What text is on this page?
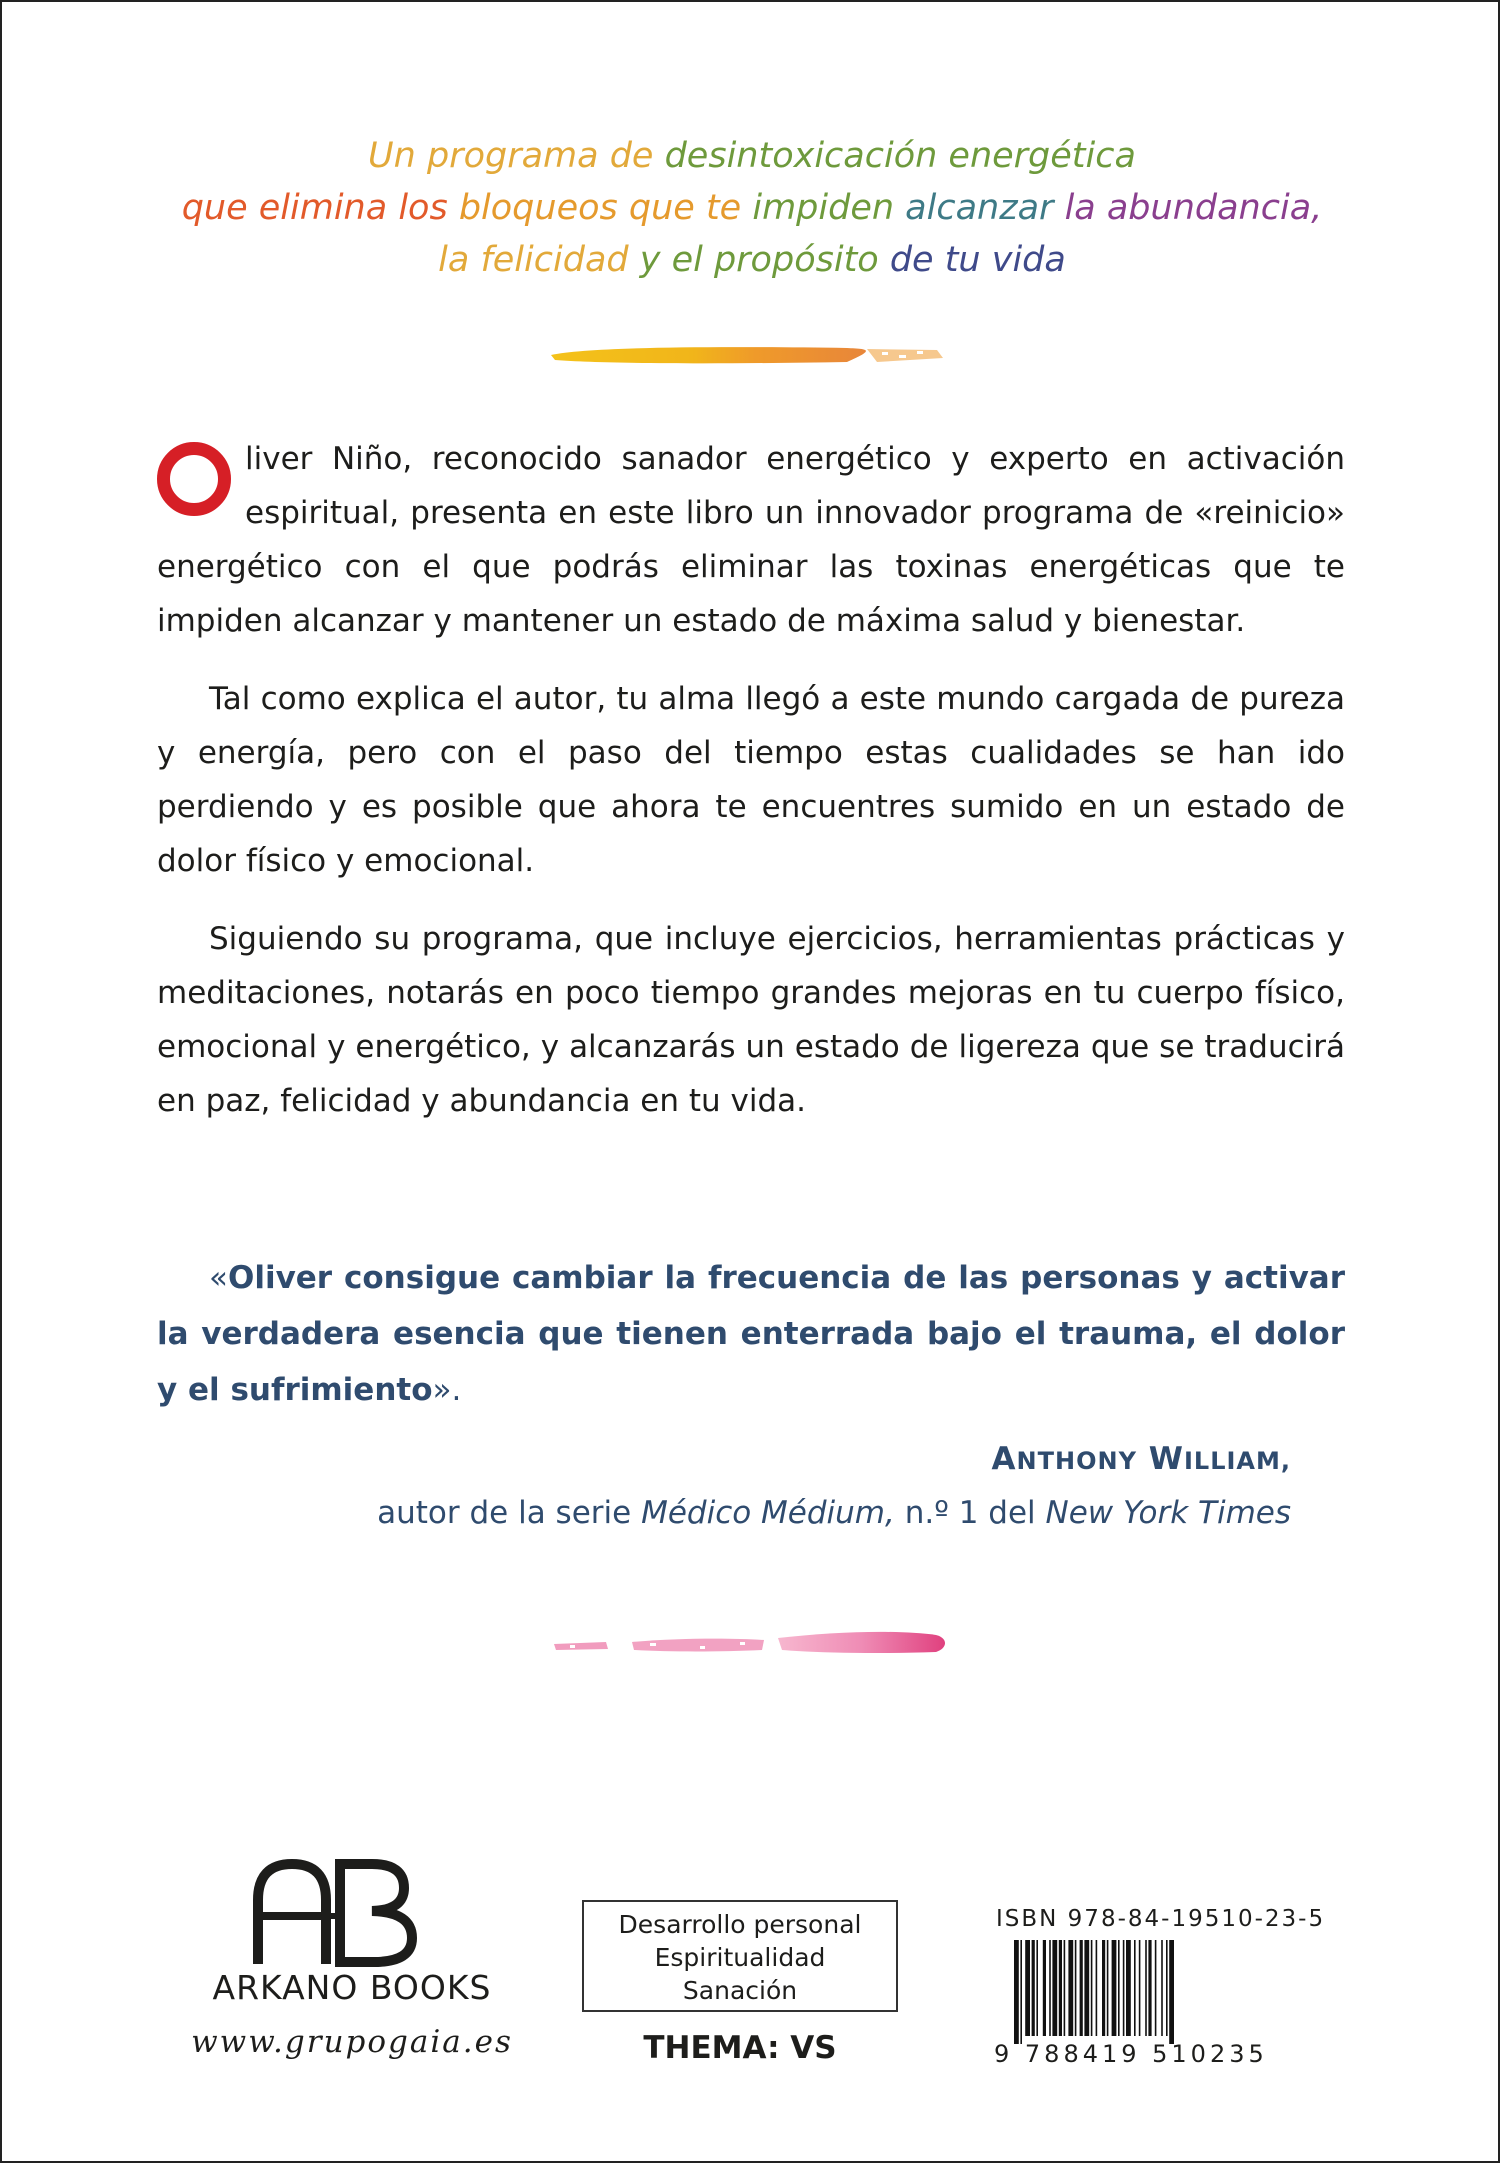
Un programa de desintoxicación energética
que elimina los bloqueos que te impiden alcanzar la abundancia,
la felicidad y el propósito de tu vida

liver Niño, reconocido sanador energético y experto en activación espiritual, presenta en este libro un innovador programa de «reinicio» energético con el que podrás eliminar las toxinas energéticas que te impiden alcanzar y mantener un estado de máxima salud y bienestar.

Tal como explica el autor, tu alma llegó a este mundo cargada de pureza y energía, pero con el paso del tiempo estas cualidades se han ido perdiendo y es posible que ahora te encuentres sumido en un estado de dolor físico y emocional.

Siguiendo su programa, que incluye ejercicios, herramientas prácticas y meditaciones, notarás en poco tiempo grandes mejoras en tu cuerpo físico, emocional y energético, y alcanzarás un estado de ligereza que se traducirá en paz, felicidad y abundancia en tu vida.

«Oliver consigue cambiar la frecuencia de las personas y activar la verdadera esencia que tienen enterrada bajo el trauma, el dolor y el sufrimiento».

ANTHONY WILLIAM,
autor de la serie Médico Médium, n.º 1 del New York Times
ARKANO BOOKS
www.grupogaia.es
Desarrollo personal
Espiritualidad
Sanación
THEMA: VS
ISBN 978-84-19510-23-5
9 788419 510235
